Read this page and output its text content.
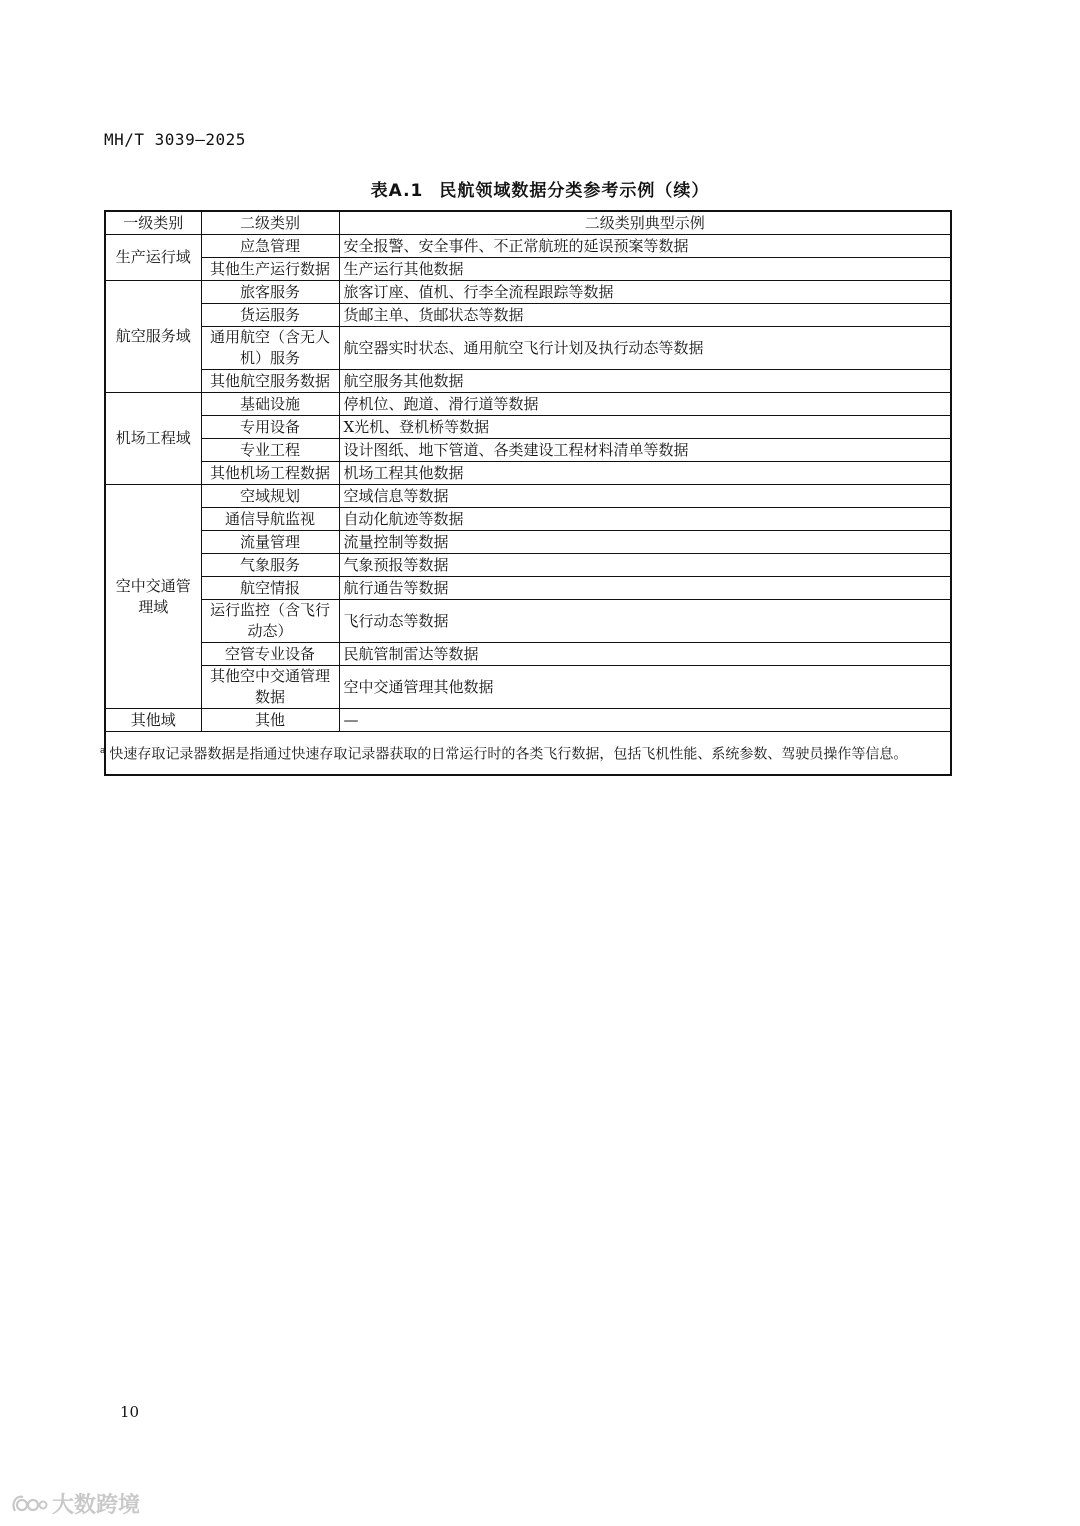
MH/T 3039—2025
表A.1 民航领域数据分类参考示例（续）
一级类别	二级类别	二级类别典型示例
生产运行域	应急管理	安全报警、安全事件、不正常航班的延误预案等数据
	其他生产运行数据	生产运行其他数据
航空服务域	旅客服务	旅客订座、值机、行李全流程跟踪等数据
	货运服务	货邮主单、货邮状态等数据
	通用航空（含无人机）服务	航空器实时状态、通用航空飞行计划及执行动态等数据
	其他航空服务数据	航空服务其他数据
机场工程域	基础设施	停机位、跑道、滑行道等数据
	专用设备	X光机、登机桥等数据
	专业工程	设计图纸、地下管道、各类建设工程材料清单等数据
	其他机场工程数据	机场工程其他数据
空中交通管理域	空域规划	空域信息等数据
	通信导航监视	自动化航迹等数据
	流量管理	流量控制等数据
	气象服务	气象预报等数据
	航空情报	航行通告等数据
	运行监控（含飞行动态）	飞行动态等数据
	空管专业设备	民航管制雷达等数据
	其他空中交通管理数据	空中交通管理其他数据
其他域	其他	—
$^a$ 快速存取记录器数据是指通过快速存取记录器获取的日常运行时的各类飞行数据，包括飞机性能、系统参数、驾驶员操作等信息。		
10
大数跨境
